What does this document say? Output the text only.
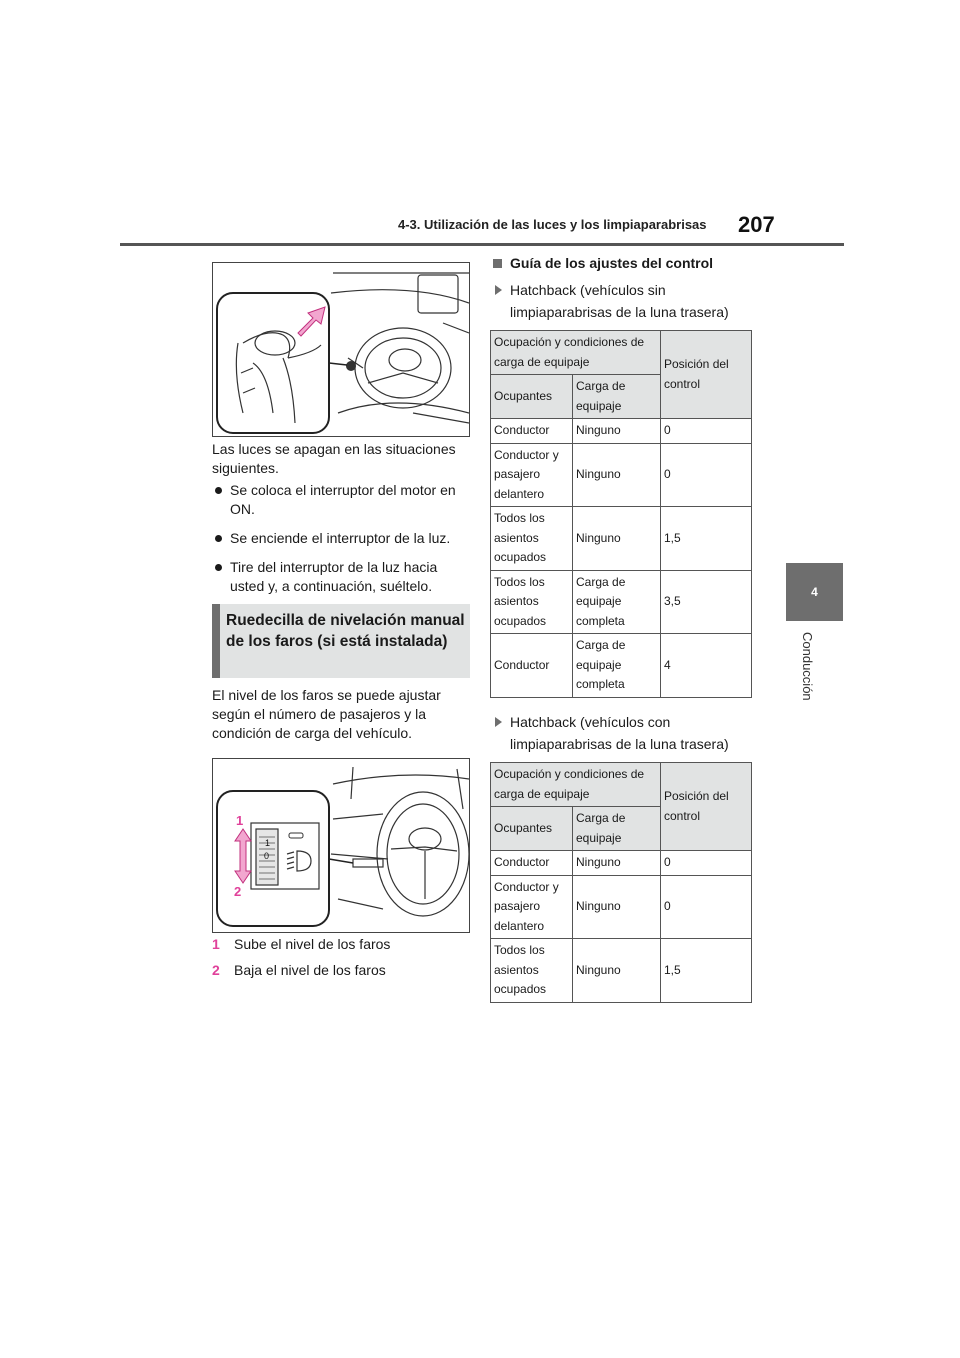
4-3. Utilización de las luces y los limpiaparabrisas 207
4
Conducción
Las luces se apagan en las situaciones siguientes.
Se coloca el interruptor del motor en ON.
Se enciende el interruptor de la luz.
Tire del interruptor de la luz hacia usted y, a continuación, suéltelo.
Ruedecilla de nivelación manual de los faros (si está instalada)
El nivel de los faros se puede ajustar según el número de pasajeros y la condición de carga del vehículo.
1
2
1
0
1 Sube el nivel de los faros
2 Baja el nivel de los faros
Guía de los ajustes del control
Hatchback (vehículos sin limpiaparabrisas de la luna trasera)
Ocupación y condiciones de carga de equipaje		Posición del control
Ocupantes	Carga de equipaje	
Conductor	Ninguno	0
Conductor y pasajero delantero	Ninguno	0
Todos los asientos ocupados	Ninguno	1,5
Todos los asientos ocupados	Carga de equipaje completa	3,5
Conductor	Carga de equipaje completa	4
Hatchback (vehículos con limpiaparabrisas de la luna trasera)
Ocupación y condiciones de carga de equipaje		Posición del control
Ocupantes	Carga de equipaje	
Conductor	Ninguno	0
Conductor y pasajero delantero	Ninguno	0
Todos los asientos ocupados	Ninguno	1,5
